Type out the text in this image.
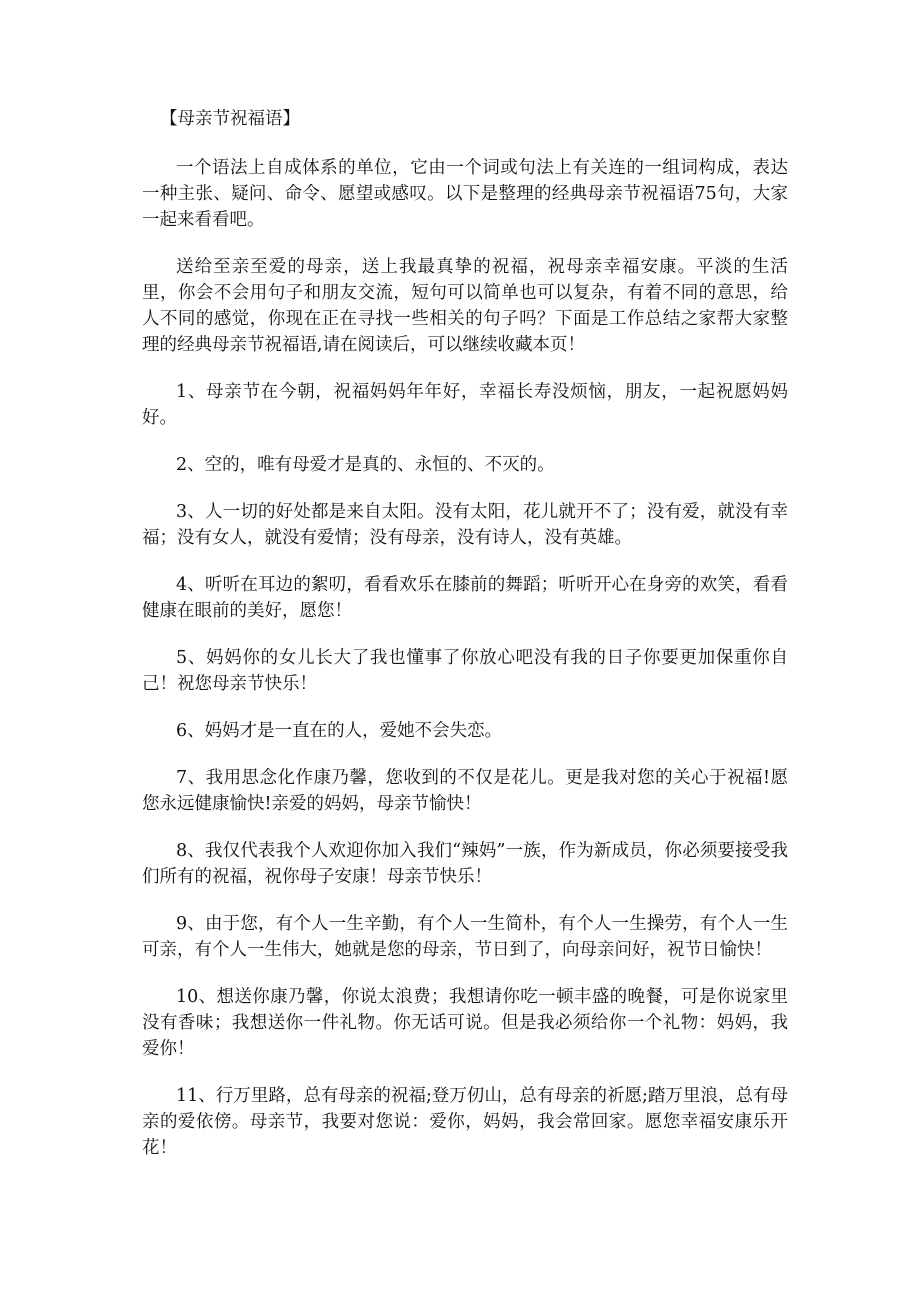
【母亲节祝福语】

一个语法上自成体系的单位，它由一个词或句法上有关连的一组词构成，表达一种主张、疑问、命令、愿望或感叹。以下是整理的经典母亲节祝福语75句，大家一起来看看吧。

送给至亲至爱的母亲，送上我最真挚的祝福，祝母亲幸福安康。平淡的生活里，你会不会用句子和朋友交流，短句可以简单也可以复杂，有着不同的意思，给人不同的感觉，你现在正在寻找一些相关的句子吗？下面是工作总结之家帮大家整理的经典母亲节祝福语,请在阅读后，可以继续收藏本页！

1、母亲节在今朝，祝福妈妈年年好，幸福长寿没烦恼，朋友，一起祝愿妈妈好。

2、空的，唯有母爱才是真的、永恒的、不灭的。

3、人一切的好处都是来自太阳。没有太阳，花儿就开不了；没有爱，就没有幸福；没有女人，就没有爱情；没有母亲，没有诗人，没有英雄。

4、听听在耳边的絮叨，看看欢乐在膝前的舞蹈；听听开心在身旁的欢笑，看看健康在眼前的美好，愿您！

5、妈妈你的女儿长大了我也懂事了你放心吧没有我的日子你要更加保重你自己！祝您母亲节快乐！

6、妈妈才是一直在的人，爱她不会失恋。

7、我用思念化作康乃馨，您收到的不仅是花儿。更是我对您的关心于祝福!愿您永远健康愉快!亲爱的妈妈，母亲节愉快！

8、我仅代表我个人欢迎你加入我们“辣妈”一族，作为新成员，你必须要接受我们所有的祝福，祝你母子安康！母亲节快乐！

9、由于您，有个人一生辛勤，有个人一生简朴，有个人一生操劳，有个人一生可亲，有个人一生伟大，她就是您的母亲，节日到了，向母亲问好，祝节日愉快！

10、想送你康乃馨，你说太浪费；我想请你吃一顿丰盛的晚餐，可是你说家里没有香味；我想送你一件礼物。你无话可说。但是我必须给你一个礼物：妈妈，我爱你！

11、行万里路，总有母亲的祝福;登万仞山，总有母亲的祈愿;踏万里浪，总有母亲的爱依傍。母亲节，我要对您说：爱你，妈妈，我会常回家。愿您幸福安康乐开花！
